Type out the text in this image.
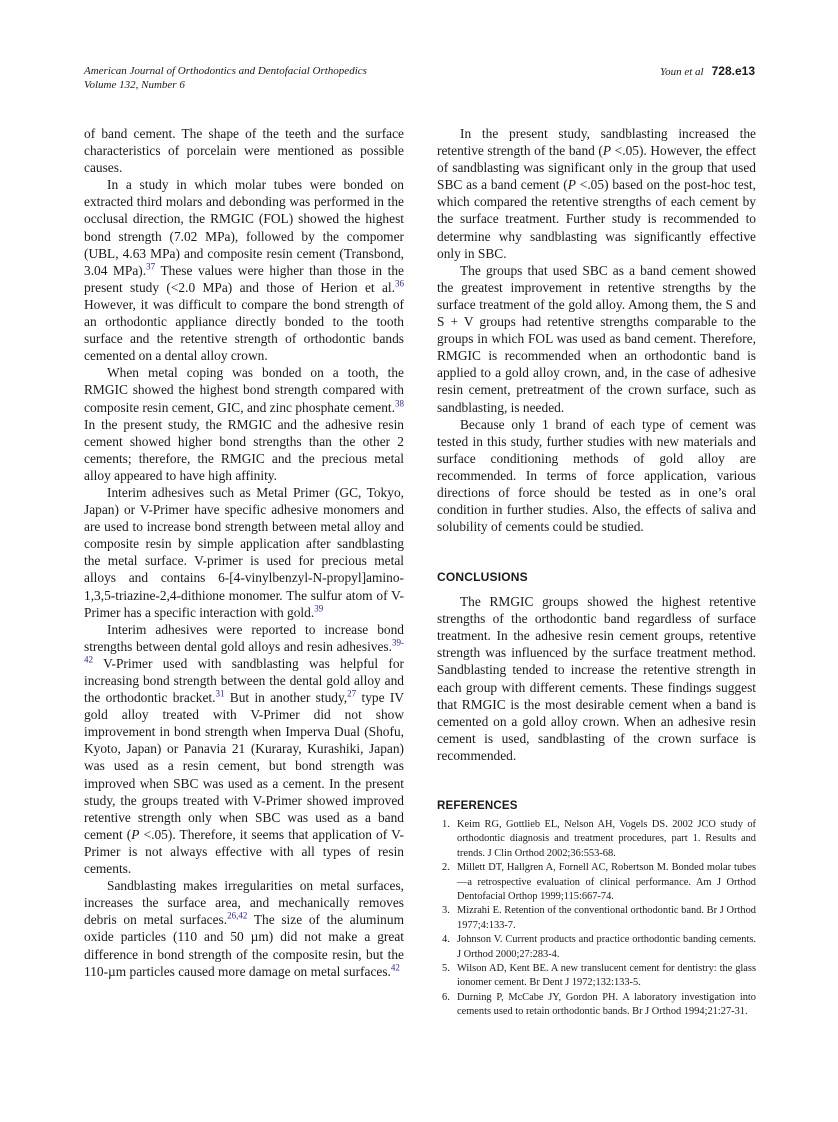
American Journal of Orthodontics and Dentofacial Orthopedics
Volume 132, Number 6
Youn et al 728.e13

of band cement. The shape of the teeth and the surface characteristics of porcelain were mentioned as possible causes.

In a study in which molar tubes were bonded on extracted third molars and debonding was performed in the occlusal direction, the RMGIC (FOL) showed the highest bond strength (7.02 MPa), followed by the compomer (UBL, 4.63 MPa) and composite resin cement (Transbond, 3.04 MPa).$^{37}$ These values were higher than those in the present study (<2.0 MPa) and those of Herion et al.$^{36}$ However, it was difficult to compare the bond strength of an orthodontic appliance directly bonded to the tooth surface and the retentive strength of orthodontic bands cemented on a dental alloy crown.

When metal coping was bonded on a tooth, the RMGIC showed the highest bond strength compared with composite resin cement, GIC, and zinc phosphate cement.$^{38}$ In the present study, the RMGIC and the adhesive resin cement showed higher bond strengths than the other 2 cements; therefore, the RMGIC and the precious metal alloy appeared to have high affinity.

Interim adhesives such as Metal Primer (GC, Tokyo, Japan) or V-Primer have specific adhesive monomers and are used to increase bond strength between metal alloy and composite resin by simple application after sandblasting the metal surface. V-primer is used for precious metal alloys and contains 6-[4-vinylbenzyl-N-propyl]amino-1,3,5-triazine-2,4-dithione monomer. The sulfur atom of V-Primer has a specific interaction with gold.$^{39}$

Interim adhesives were reported to increase bond strengths between dental gold alloys and resin adhesives.$^{39-42}$ V-Primer used with sandblasting was helpful for increasing bond strength between the dental gold alloy and the orthodontic bracket.$^{31}$ But in another study,$^{27}$ type IV gold alloy treated with V-Primer did not show improvement in bond strength when Imperva Dual (Shofu, Kyoto, Japan) or Panavia 21 (Kuraray, Kurashiki, Japan) was used as a resin cement, but bond strength was improved when SBC was used as a cement. In the present study, the groups treated with V-Primer showed improved retentive strength only when SBC was used as a band cement (P <.05). Therefore, it seems that application of V-Primer is not always effective with all types of resin cements.

Sandblasting makes irregularities on metal surfaces, increases the surface area, and mechanically removes debris on metal surfaces.$^{26,42}$ The size of the aluminum oxide particles (110 and 50 µm) did not make a great difference in bond strength of the composite resin, but the 110-µm particles caused more damage on metal surfaces.$^{42}$

In the present study, sandblasting increased the retentive strength of the band (P <.05). However, the effect of sandblasting was significant only in the group that used SBC as a band cement (P <.05) based on the post-hoc test, which compared the retentive strengths of each cement by the surface treatment. Further study is recommended to determine why sandblasting was significantly effective only in SBC.

The groups that used SBC as a band cement showed the greatest improvement in retentive strengths by the surface treatment of the gold alloy. Among them, the S and S + V groups had retentive strengths comparable to the groups in which FOL was used as band cement. Therefore, RMGIC is recommended when an orthodontic band is applied to a gold alloy crown, and, in the case of adhesive resin cement, pretreatment of the crown surface, such as sandblasting, is needed.

Because only 1 brand of each type of cement was tested in this study, further studies with new materials and surface conditioning methods of gold alloy are recommended. In terms of force application, various directions of force should be tested as in one’s oral condition in further studies. Also, the effects of saliva and solubility of cements could be studied.

CONCLUSIONS

The RMGIC groups showed the highest retentive strengths of the orthodontic band regardless of surface treatment. In the adhesive resin cement groups, retentive strength was influenced by the surface treatment method. Sandblasting tended to increase the retentive strength in each group with different cements. These findings suggest that RMGIC is the most desirable cement when a band is cemented on a gold alloy crown. When an adhesive resin cement is used, sandblasting of the crown surface is recommended.

REFERENCES
1. Keim RG, Gottlieb EL, Nelson AH, Vogels DS. 2002 JCO study of orthodontic diagnosis and treatment procedures, part 1. Results and trends. J Clin Orthod 2002;36:553-68.
2. Millett DT, Hallgren A, Fornell AC, Robertson M. Bonded molar tubes—a retrospective evaluation of clinical performance. Am J Orthod Dentofacial Orthop 1999;115:667-74.
3. Mizrahi E. Retention of the conventional orthodontic band. Br J Orthod 1977;4:133-7.
4. Johnson V. Current products and practice orthodontic banding cements. J Orthod 2000;27:283-4.
5. Wilson AD, Kent BE. A new translucent cement for dentistry: the glass ionomer cement. Br Dent J 1972;132:133-5.
6. Durning P, McCabe JY, Gordon PH. A laboratory investigation into cements used to retain orthodontic bands. Br J Orthod 1994;21:27-31.
